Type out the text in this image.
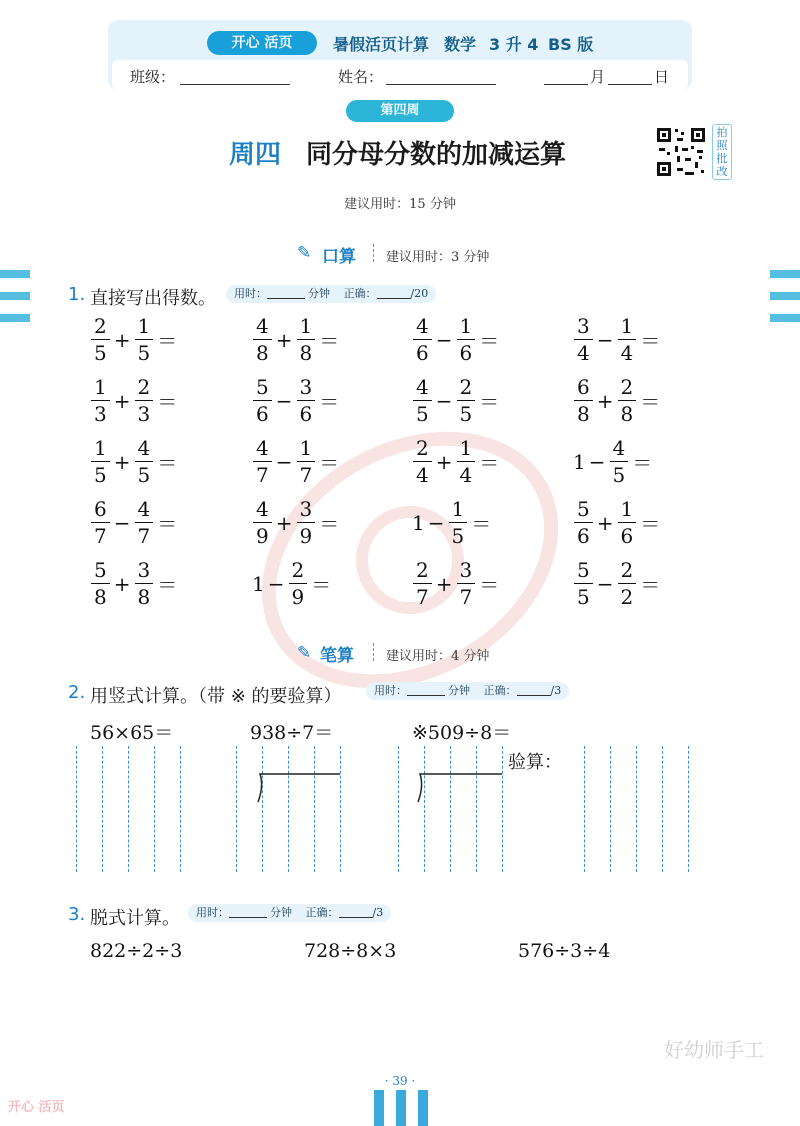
开心 活页	暑假活页计算 数学 3 升 4 BS 版
班级：	姓名：	月	日
第四周
周四 同分母分数的加减运算
拍照批改
建议用时：15 分钟
✎ 口算 建议用时：3 分钟
1. 直接写出得数。	用时：	分钟 正确：	/20
$\frac{2}{5} + \frac{1}{5}$ ＝	$\frac{4}{8} + \frac{1}{8}$ ＝	$\frac{4}{6} - \frac{1}{6}$ ＝	$\frac{3}{4} - \frac{1}{4}$ ＝
$\frac{1}{3} + \frac{2}{3}$ ＝	$\frac{5}{6} - \frac{3}{6}$ ＝	$\frac{4}{5} - \frac{2}{5}$ ＝	$\frac{6}{8} + \frac{2}{8}$ ＝
$\frac{1}{5} + \frac{4}{5}$ ＝	$\frac{4}{7} - \frac{1}{7}$ ＝	$\frac{2}{4} + \frac{1}{4}$ ＝	$1 - \frac{4}{5}$ ＝
$\frac{6}{7} - \frac{4}{7}$ ＝	$\frac{4}{9} + \frac{3}{9}$ ＝	$1 - \frac{1}{5}$ ＝	$\frac{5}{6} + \frac{1}{6}$ ＝
$\frac{5}{8} + \frac{3}{8}$ ＝	$1 - \frac{2}{9}$ ＝	$\frac{2}{7} + \frac{3}{7}$ ＝	$\frac{5}{5} - \frac{2}{2}$ ＝
✎ 笔算 建议用时：4 分钟
2. 用竖式计算。（带 ※ 的要验算）	用时：	分钟 正确：	/3
56×65＝	938÷7＝	※509÷8＝
验算：
3. 脱式计算。	用时：	分钟 正确：	/3
822÷2÷3	728÷8×3	576÷3÷4
好幼师手工
· 39 ·
开心 活页
